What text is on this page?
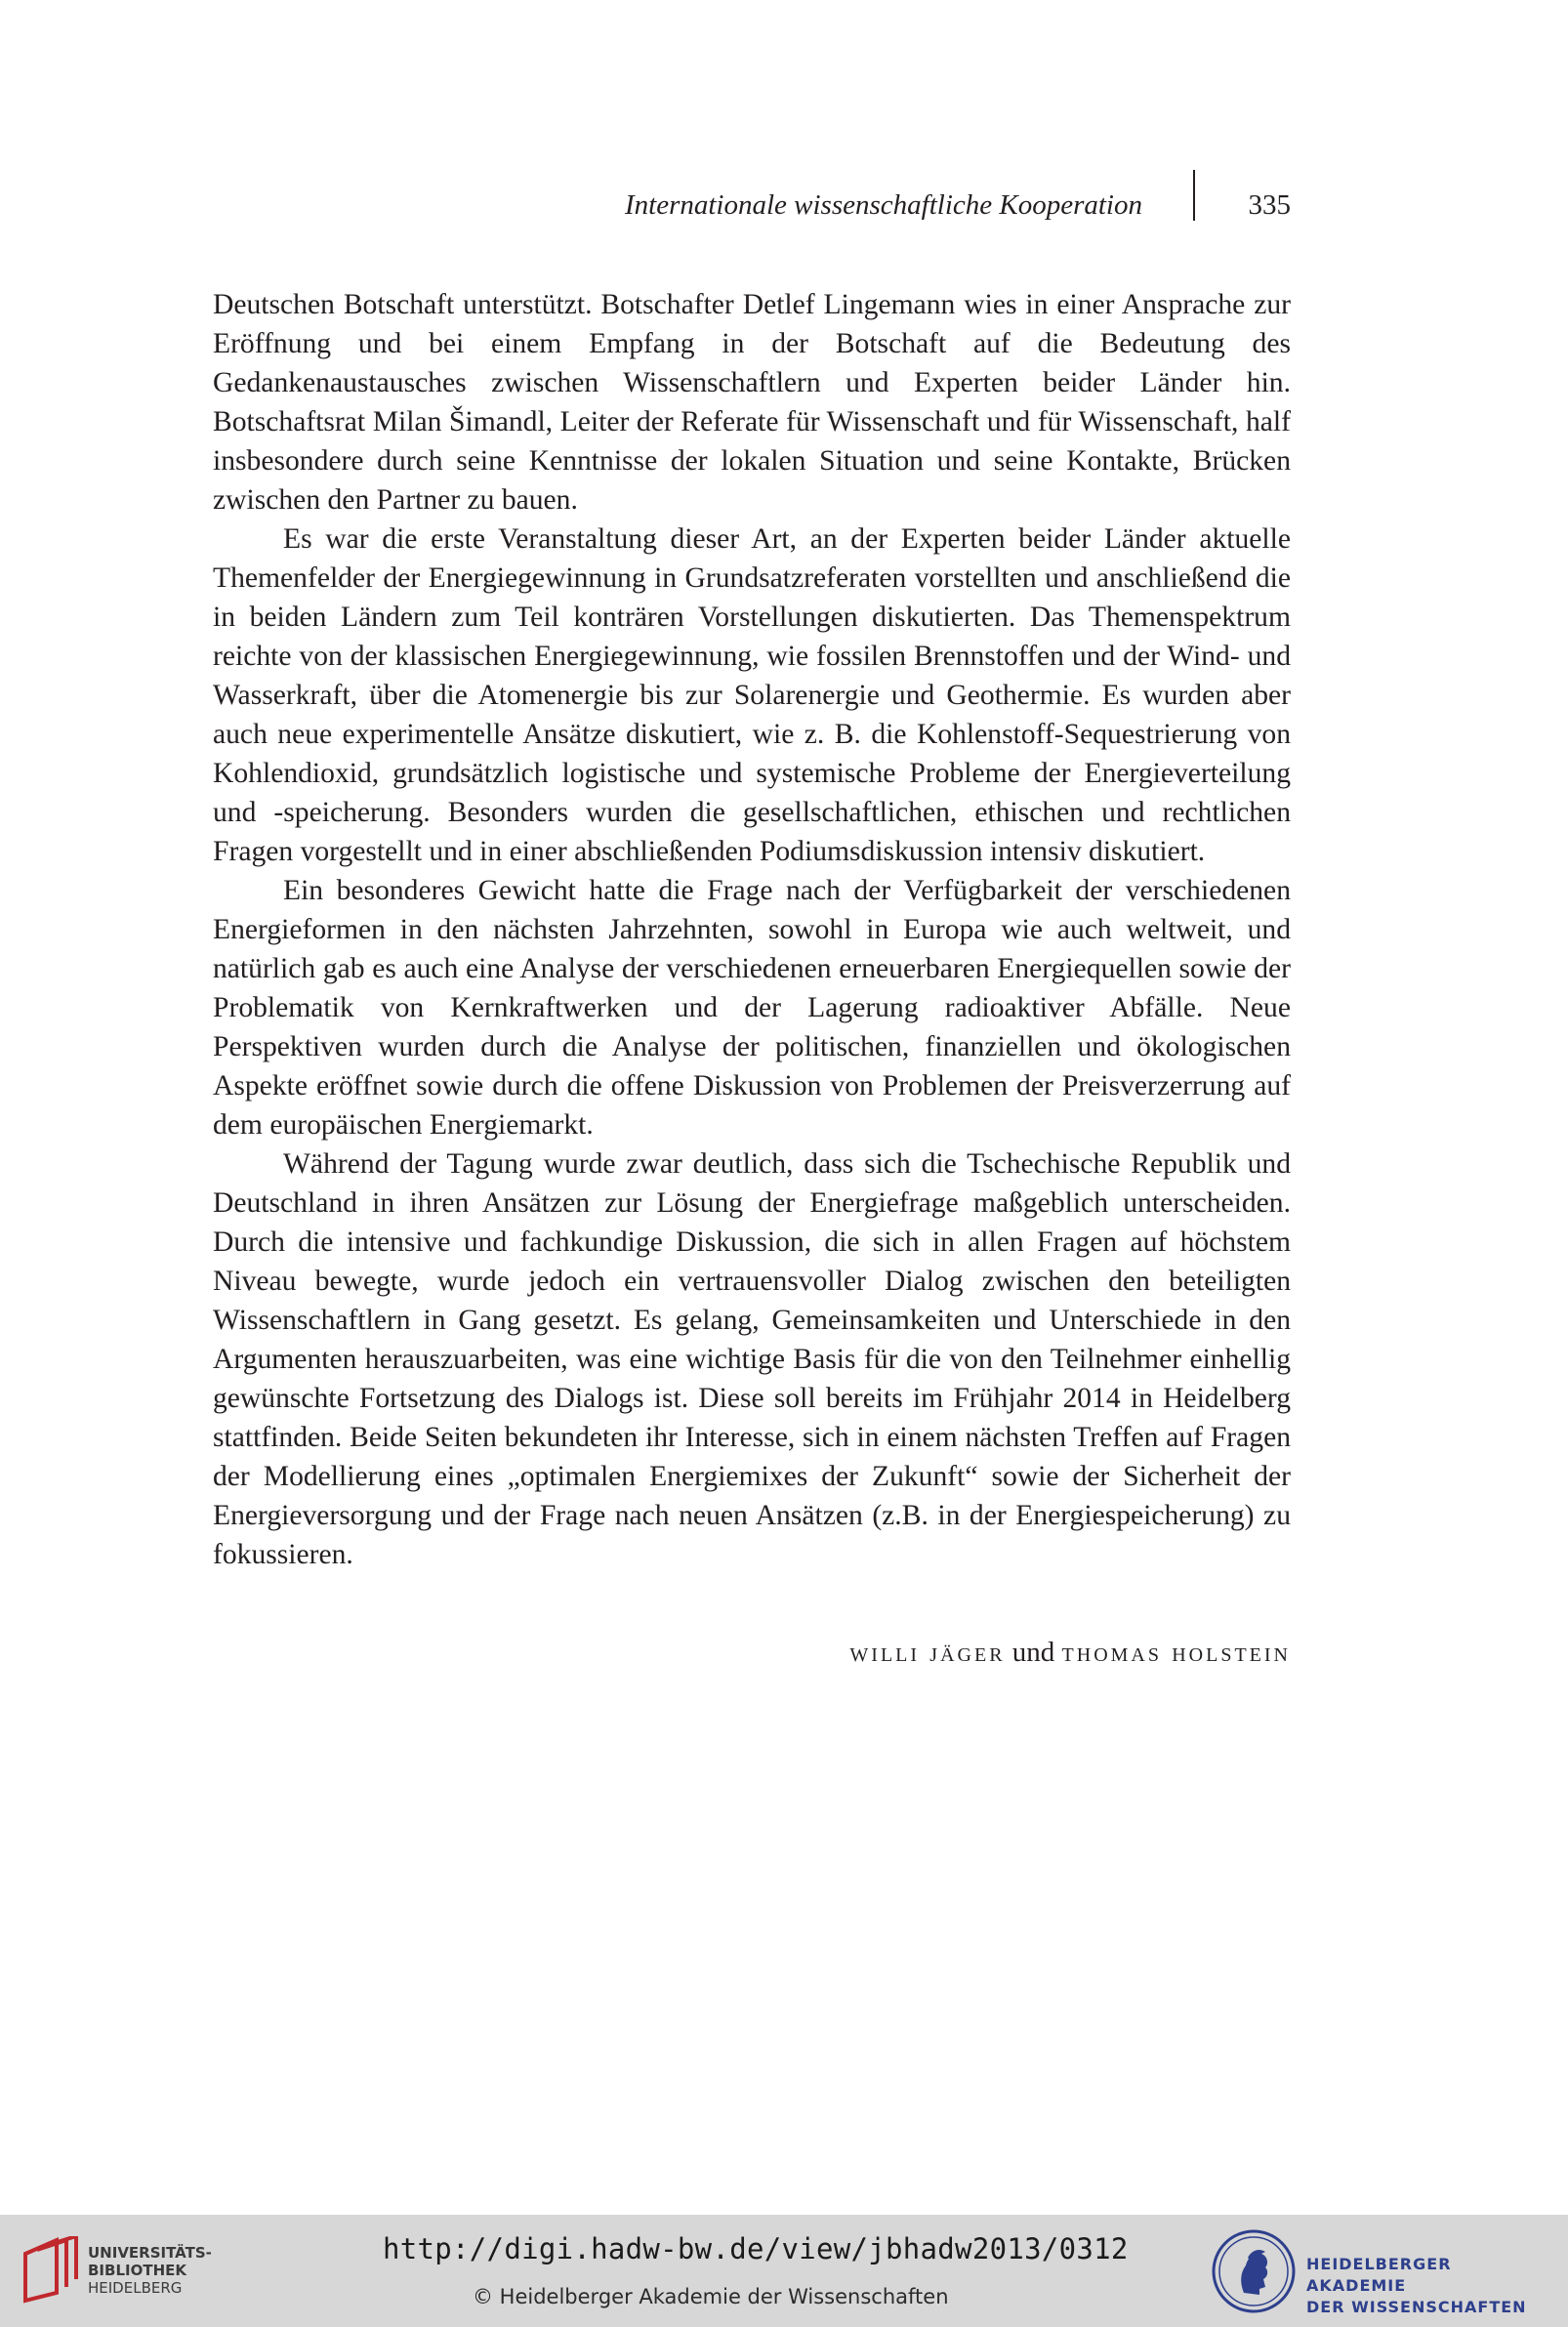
Internationale wissenschaftliche Kooperation	335

Deutschen Botschaft unterstützt. Botschafter Detlef Lingemann wies in einer Ansprache zur Eröffnung und bei einem Empfang in der Botschaft auf die Bedeutung des Gedankenaustausches zwischen Wissenschaftlern und Experten beider Länder hin. Botschaftsrat Milan Šimandl, Leiter der Referate für Wissenschaft und für Wissenschaft, half insbesondere durch seine Kenntnisse der lokalen Situation und seine Kontakte, Brücken zwischen den Partner zu bauen.

Es war die erste Veranstaltung dieser Art, an der Experten beider Länder aktuelle Themenfelder der Energiegewinnung in Grundsatzreferaten vorstellten und anschließend die in beiden Ländern zum Teil konträren Vorstellungen diskutierten. Das Themenspektrum reichte von der klassischen Energiegewinnung, wie fossilen Brennstoffen und der Wind- und Wasserkraft, über die Atomenergie bis zur Solarenergie und Geothermie. Es wurden aber auch neue experimentelle Ansätze diskutiert, wie z. B. die Kohlenstoff-Sequestrierung von Kohlendioxid, grundsätzlich logistische und systemische Probleme der Energieverteilung und -speicherung. Besonders wurden die gesellschaftlichen, ethischen und rechtlichen Fragen vorgestellt und in einer abschließenden Podiumsdiskussion intensiv diskutiert.

Ein besonderes Gewicht hatte die Frage nach der Verfügbarkeit der verschiedenen Energieformen in den nächsten Jahrzehnten, sowohl in Europa wie auch weltweit, und natürlich gab es auch eine Analyse der verschiedenen erneuerbaren Energiequellen sowie der Problematik von Kernkraftwerken und der Lagerung radioaktiver Abfälle. Neue Perspektiven wurden durch die Analyse der politischen, finanziellen und ökologischen Aspekte eröffnet sowie durch die offene Diskussion von Problemen der Preisverzerrung auf dem europäischen Energiemarkt.

Während der Tagung wurde zwar deutlich, dass sich die Tschechische Republik und Deutschland in ihren Ansätzen zur Lösung der Energiefrage maßgeblich unterscheiden. Durch die intensive und fachkundige Diskussion, die sich in allen Fragen auf höchstem Niveau bewegte, wurde jedoch ein vertrauensvoller Dialog zwischen den beteiligten Wissenschaftlern in Gang gesetzt. Es gelang, Gemeinsamkeiten und Unterschiede in den Argumenten herauszuarbeiten, was eine wichtige Basis für die von den Teilnehmer einhellig gewünschte Fortsetzung des Dialogs ist. Diese soll bereits im Frühjahr 2014 in Heidelberg stattfinden. Beide Seiten bekundeten ihr Interesse, sich in einem nächsten Treffen auf Fragen der Modellierung eines „optimalen Energiemixes der Zukunft“ sowie der Sicherheit der Energieversorgung und der Frage nach neuen Ansätzen (z.B. in der Energiespeicherung) zu fokussieren.

willi jäger und thomas holstein
UNIVERSITÄTS-
BIBLIOTHEK
HEIDELBERG
http://digi.hadw-bw.de/view/jbhadw2013/0312
© Heidelberger Akademie der Wissenschaften
HEIDELBERGER AKADEMIE
DER WISSENSCHAFTEN
